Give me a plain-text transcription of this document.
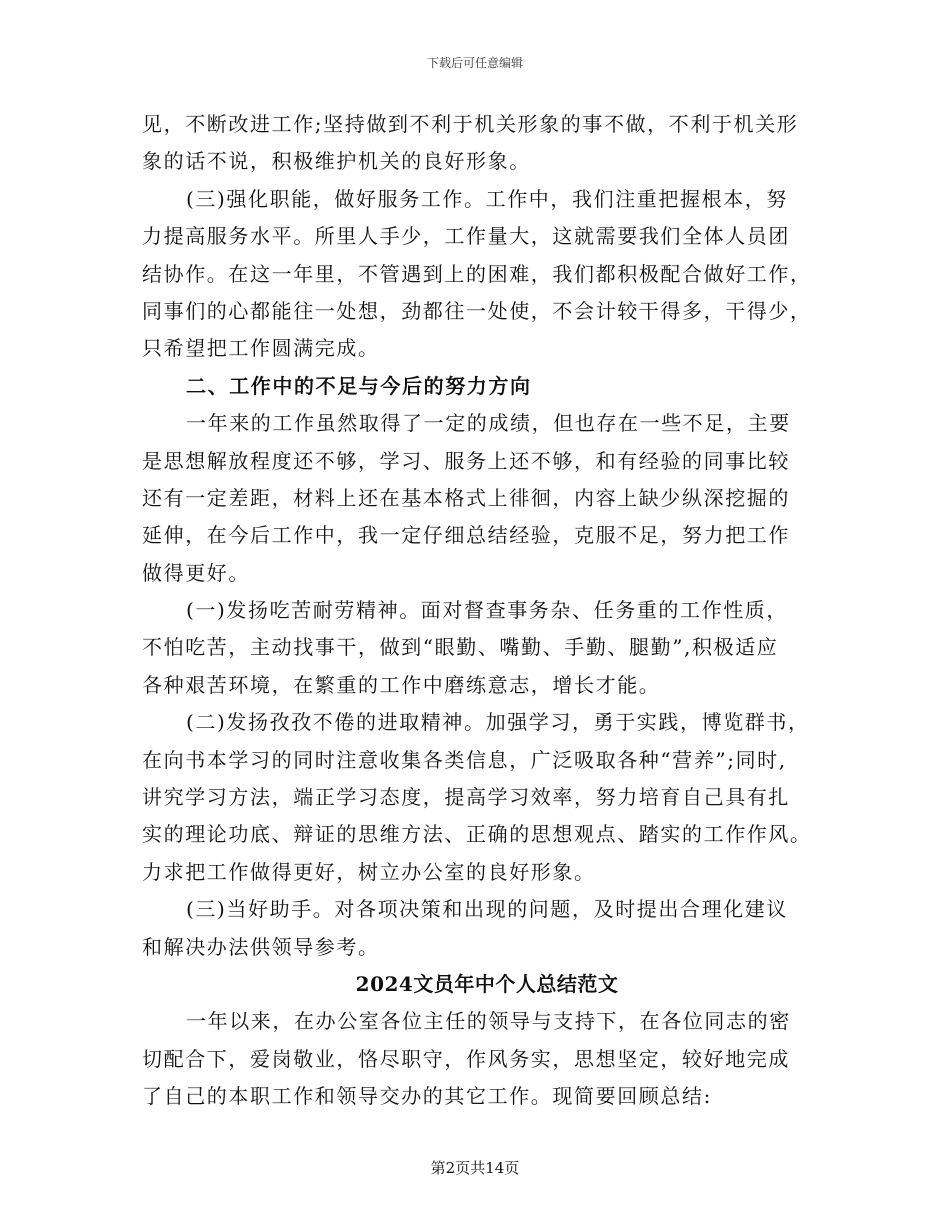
下载后可任意编辑
见，不断改进工作;坚持做到不利于机关形象的事不做，不利于机关形
象的话不说，积极维护机关的良好形象。
(三)强化职能，做好服务工作。工作中，我们注重把握根本，努
力提高服务水平。所里人手少，工作量大，这就需要我们全体人员团
结协作。在这一年里，不管遇到上的困难，我们都积极配合做好工作，
同事们的心都能往一处想，劲都往一处使，不会计较干得多，干得少，
只希望把工作圆满完成。
二、工作中的不足与今后的努力方向
一年来的工作虽然取得了一定的成绩，但也存在一些不足，主要
是思想解放程度还不够，学习、服务上还不够，和有经验的同事比较
还有一定差距，材料上还在基本格式上徘徊，内容上缺少纵深挖掘的
延伸，在今后工作中，我一定仔细总结经验，克服不足，努力把工作
做得更好。
(一)发扬吃苦耐劳精神。面对督查事务杂、任务重的工作性质，
不怕吃苦，主动找事干，做到“眼勤、嘴勤、手勤、腿勤”,积极适应
各种艰苦环境，在繁重的工作中磨练意志，增长才能。
(二)发扬孜孜不倦的进取精神。加强学习，勇于实践，博览群书，
在向书本学习的同时注意收集各类信息，广泛吸取各种“营养”;同时,
讲究学习方法，端正学习态度，提高学习效率，努力培育自己具有扎
实的理论功底、辩证的思维方法、正确的思想观点、踏实的工作作风。
力求把工作做得更好，树立办公室的良好形象。
(三)当好助手。对各项决策和出现的问题，及时提出合理化建议
和解决办法供领导参考。
2024文员年中个人总结范文
一年以来，在办公室各位主任的领导与支持下，在各位同志的密
切配合下，爱岗敬业，恪尽职守，作风务实，思想坚定，较好地完成
了自己的本职工作和领导交办的其它工作。现简要回顾总结:
第2页共14页
